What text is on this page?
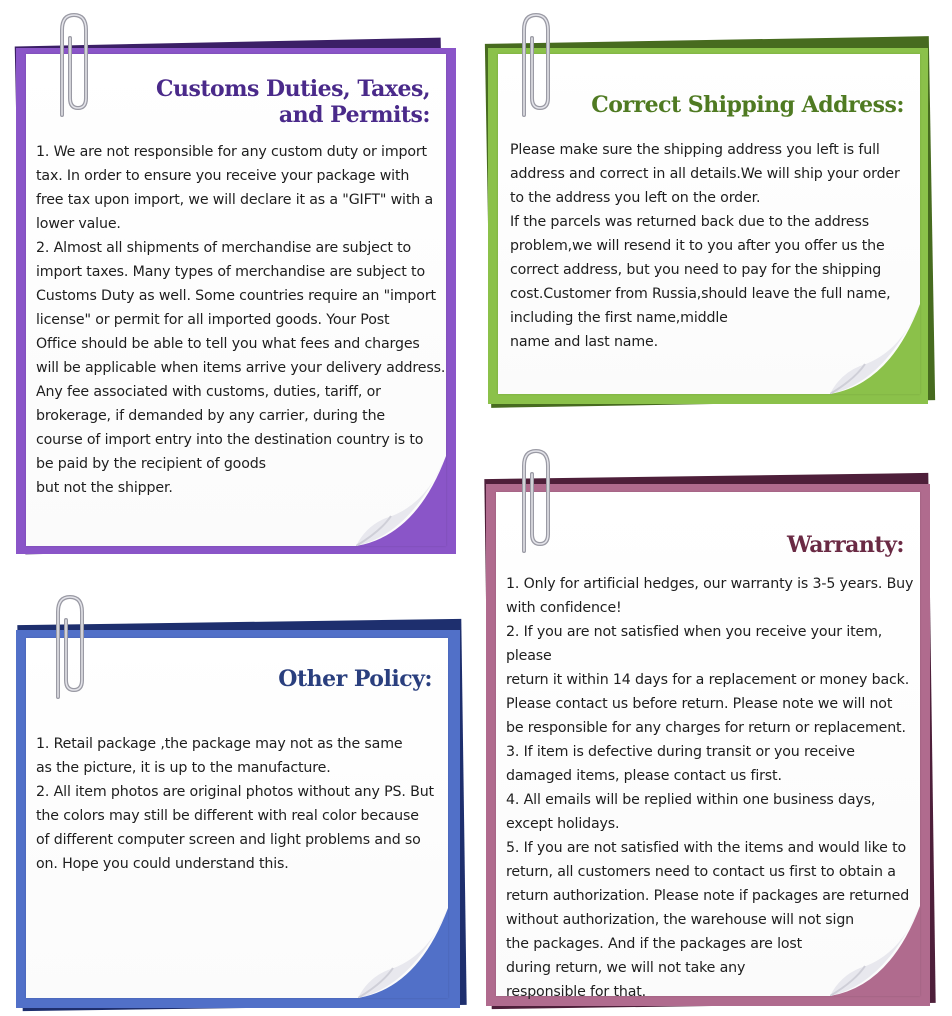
Customs Duties, Taxes,
and Permits:

1. We are not responsible for any custom duty or import
tax. In order to ensure you receive your package with
free tax upon import, we will declare it as a "GIFT" with a
lower value.
2. Almost all shipments of merchandise are subject to
import taxes. Many types of merchandise are subject to
Customs Duty as well. Some countries require an "import
license" or permit for all imported goods. Your Post
Office should be able to tell you what fees and charges
will be applicable when items arrive your delivery address.
Any fee associated with customs, duties, tariff, or
brokerage, if demanded by any carrier, during the
course of import entry into the destination country is to
be paid by the recipient of goods
but not the shipper.

Correct Shipping Address:

Please make sure the shipping address you left is full
address and correct in all details.We will ship your order
to the address you left on the order.
If the parcels was returned back due to the address
problem,we will resend it to you after you offer us the
correct address, but you need to pay for the shipping
cost.Customer from Russia,should leave the full name,
including the first name,middle
name and last name.

Other Policy:

1. Retail package ,the package may not as the same
as the picture, it is up to the manufacture.
2. All item photos are original photos without any PS. But
the colors may still be different with real color because
of different computer screen and light problems and so
on. Hope you could understand this.

Warranty:

1. Only for artificial hedges, our warranty is 3-5 years. Buy
with confidence!
2. If you are not satisfied when you receive your item, please
return it within 14 days for a replacement or money back.
Please contact us before return. Please note we will not
be responsible for any charges for return or replacement.
3. If item is defective during transit or you receive
damaged items, please contact us first.
4. All emails will be replied within one business days,
except holidays.
5. If you are not satisfied with the items and would like to
return, all customers need to contact us first to obtain a
return authorization. Please note if packages are returned
without authorization, the warehouse will not sign
the packages. And if the packages are lost
during return, we will not take any
responsible for that.
